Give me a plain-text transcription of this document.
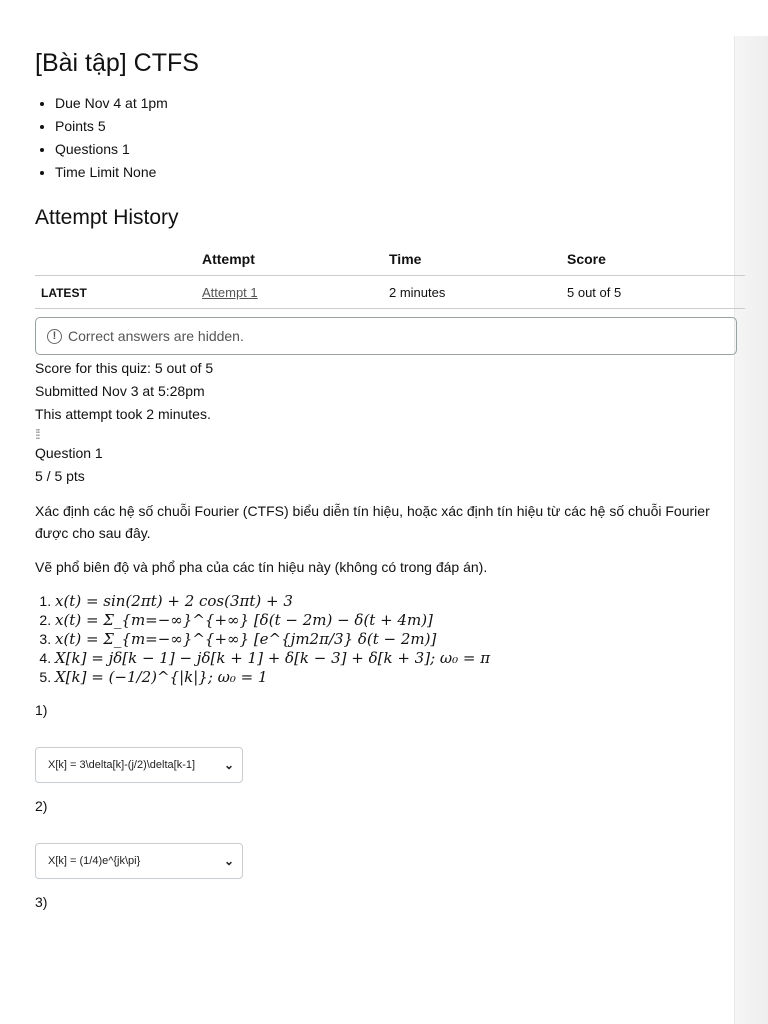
[Bài tập] CTFS
• Due Nov 4 at 1pm
• Points 5
• Questions 1
• Time Limit None
Attempt History
	Attempt	Time	Score
LATEST	Attempt 1	2 minutes	5 out of 5
! Correct answers are hidden.
Score for this quiz: 5 out of 5
Submitted Nov 3 at 5:28pm
This attempt took 2 minutes.
⁞⁞
Question 1
5 / 5 pts

Xác định các hệ số chuỗi Fourier (CTFS) biểu diễn tín hiệu, hoặc xác định tín hiệu từ các hệ số chuỗi Fourier được cho sau đây.

Vẽ phổ biên độ và phổ pha của các tín hiệu này (không có trong đáp án).

1. x(t) = sin(2πt) + 2 cos(3πt) + 3
2. x(t) = Σ_{m=−∞}^{+∞} [δ(t − 2m) − δ(t + 4m)]
3. x(t) = Σ_{m=−∞}^{+∞} [e^{jm2π/3} δ(t − 2m)]
4. X[k] = jδ[k − 1] − jδ[k + 1] + δ[k − 3] + δ[k + 3]; ω₀ = π
5. X[k] = (−1/2)^{|k|}; ω₀ = 1
1)
X[k] = 3\delta[k]-(j/2)\delta[k-1]	⌄
2)
X[k] = (1/4)e^{jk\pi}	⌄
3)
